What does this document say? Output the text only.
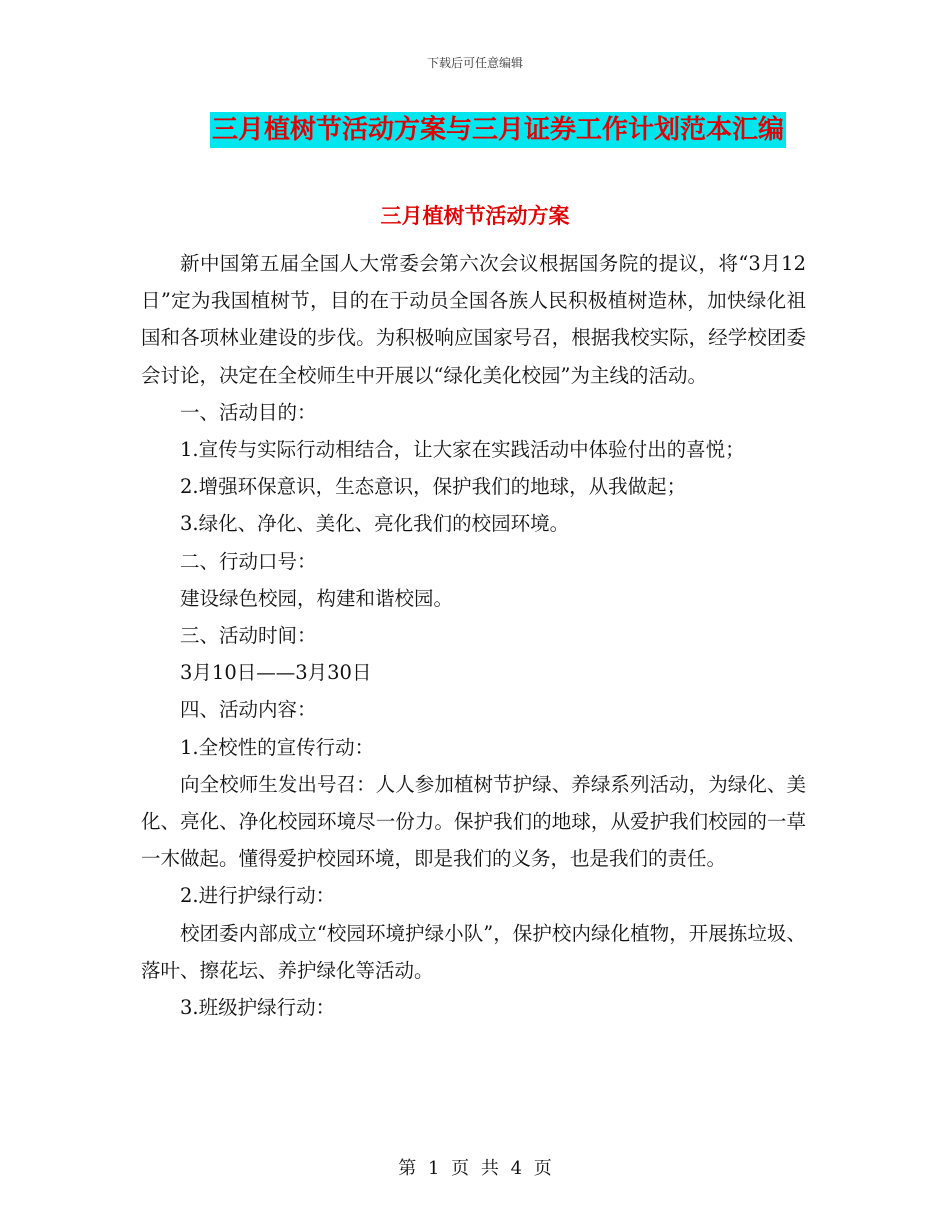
下载后可任意编辑
三月植树节活动方案与三月证券工作计划范本汇编
三月植树节活动方案

新中国第五届全国人大常委会第六次会议根据国务院的提议，将“3月12日”定为我国植树节，目的在于动员全国各族人民积极植树造林，加快绿化祖国和各项林业建设的步伐。为积极响应国家号召，根据我校实际，经学校团委会讨论，决定在全校师生中开展以“绿化美化校园”为主线的活动。

一、活动目的：

1.宣传与实际行动相结合，让大家在实践活动中体验付出的喜悦；

2.增强环保意识，生态意识，保护我们的地球，从我做起；

3.绿化、净化、美化、亮化我们的校园环境。

二、行动口号：

建设绿色校园，构建和谐校园。

三、活动时间：

3月10日——3月30日

四、活动内容：

1.全校性的宣传行动：

向全校师生发出号召：人人参加植树节护绿、养绿系列活动，为绿化、美化、亮化、净化校园环境尽一份力。保护我们的地球，从爱护我们校园的一草一木做起。懂得爱护校园环境，即是我们的义务，也是我们的责任。

2.进行护绿行动：

校团委内部成立“校园环境护绿小队”，保护校内绿化植物，开展拣垃圾、落叶、擦花坛、养护绿化等活动。

3.班级护绿行动：

第 1 页 共 4 页
